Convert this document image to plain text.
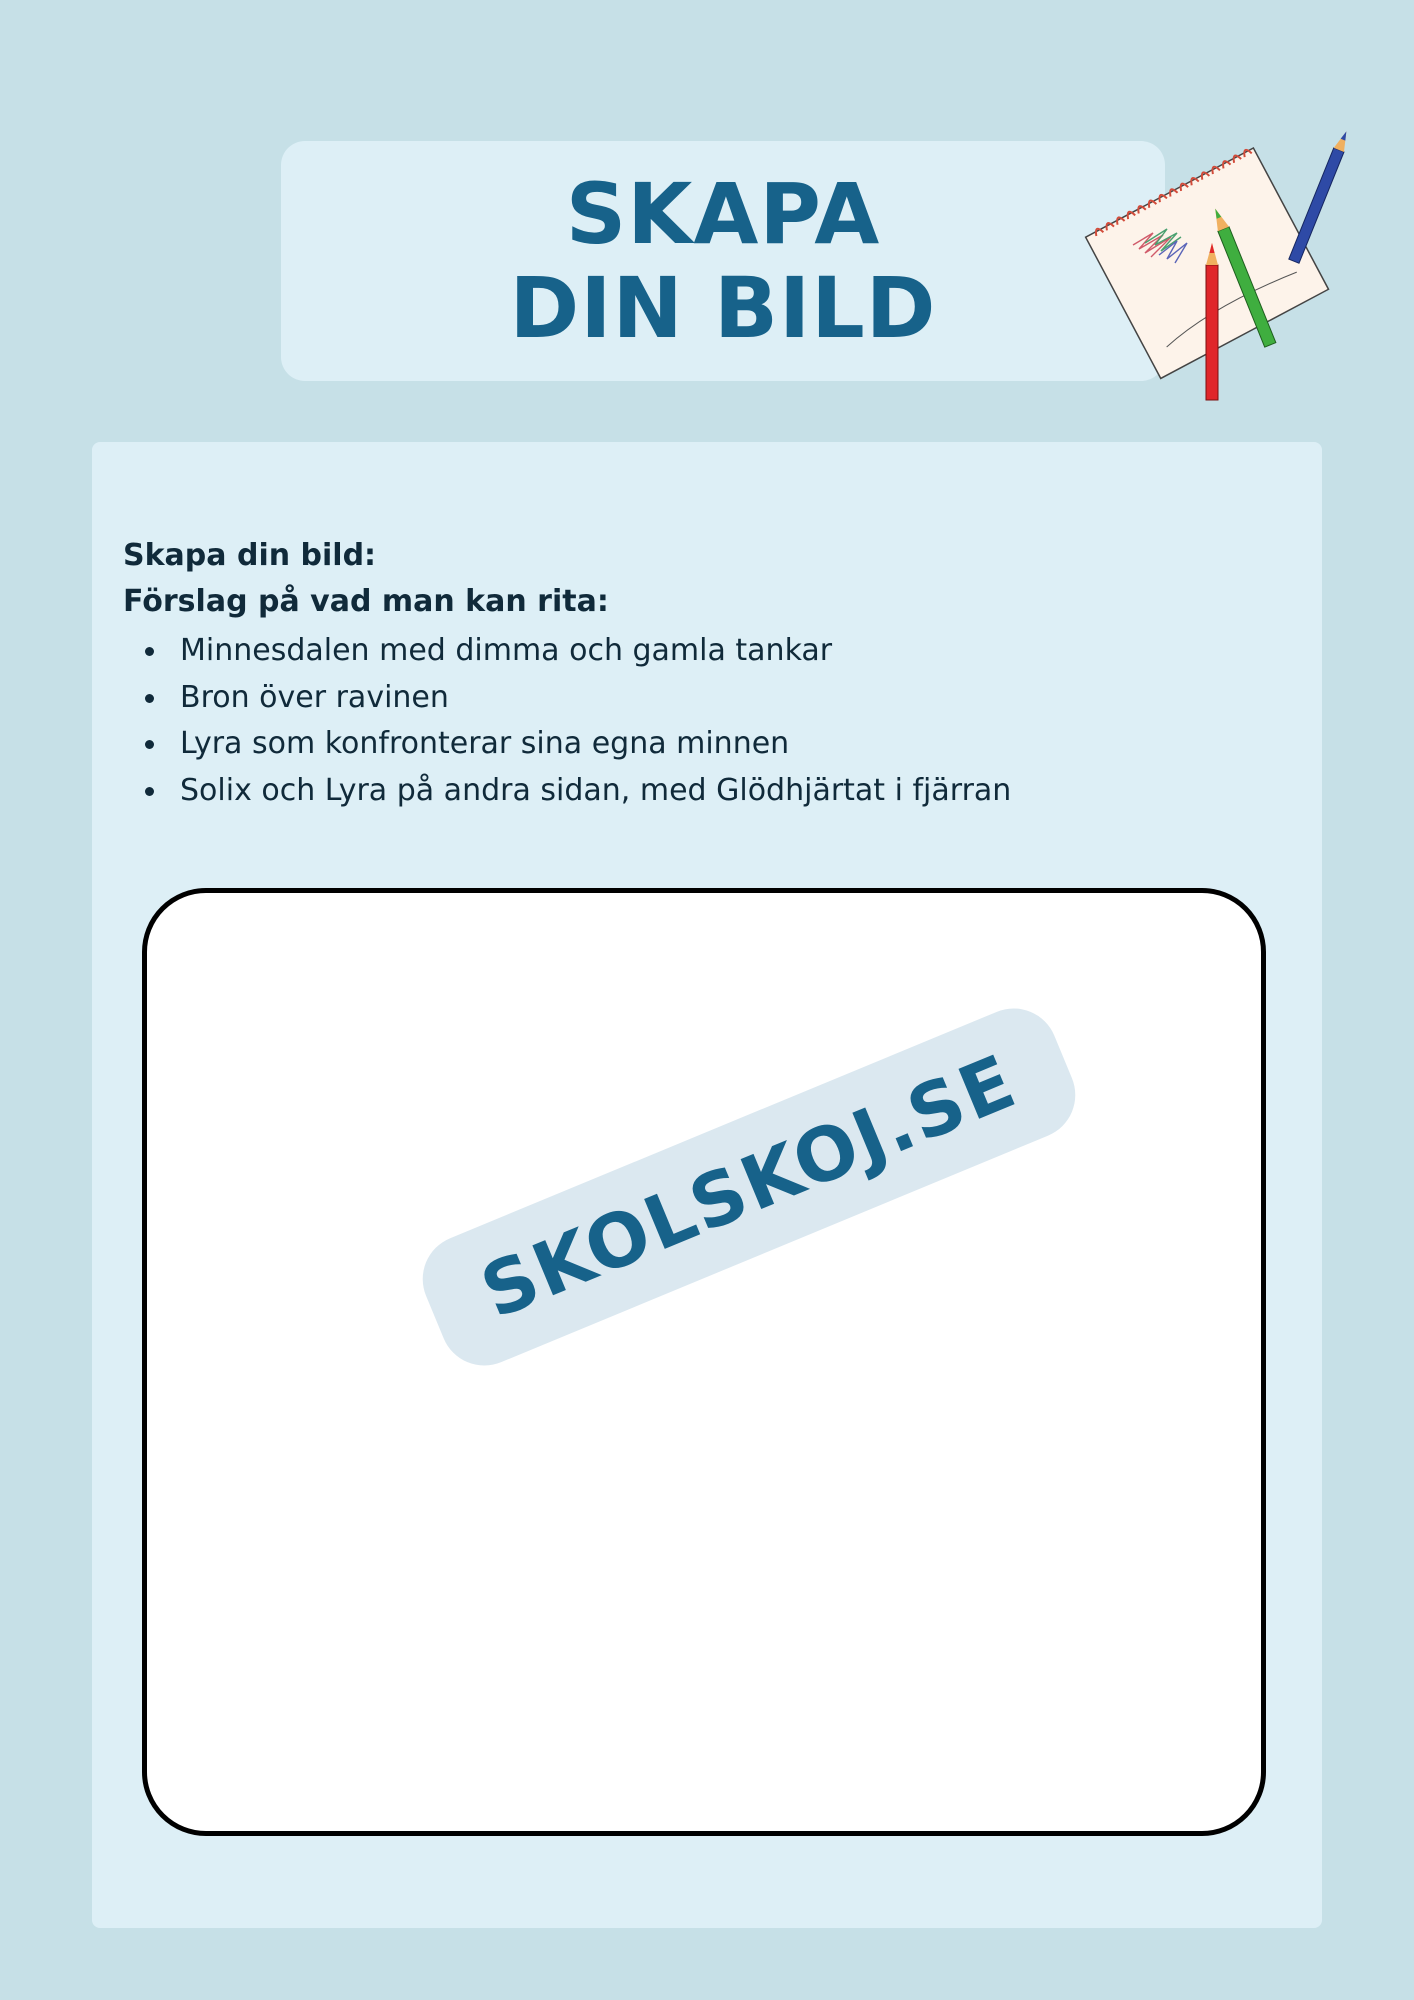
SKAPA
DIN BILD
Skapa din bild:
Förslag på vad man kan rita:
Minnesdalen med dimma och gamla tankar
Bron över ravinen
Lyra som konfronterar sina egna minnen
Solix och Lyra på andra sidan, med Glödhjärtat i fjärran
SKOLSKOJ.SE
